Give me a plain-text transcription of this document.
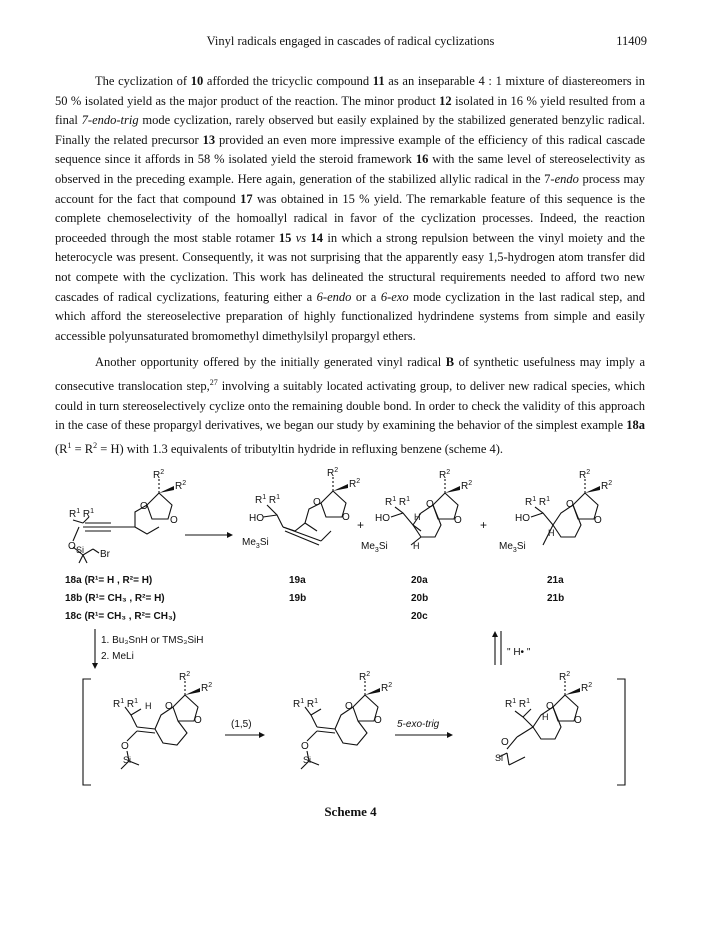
Vinyl radicals engaged in cascades of radical cyclizations	11409

The cyclization of 10 afforded the tricyclic compound 11 as an inseparable 4 : 1 mixture of diastereomers in 50 % isolated yield as the major product of the reaction. The minor product 12 isolated in 16 % yield resulted from a final 7-endo-trig mode cyclization, rarely observed but easily explained by the stabilized generated benzylic radical. Finally the related precursor 13 provided an even more impressive example of the efficiency of this radical cascade sequence since it affords in 58 % isolated yield the steroid framework 16 with the same level of stereoselectivity as observed in the preceding example. Here again, generation of the stabilized allylic radical in the 7-endo process may account for the fact that compound 17 was obtained in 15 % yield. The remarkable feature of this sequence is the complete chemoselectivity of the homoallyl radical in favor of the cyclization processes. Indeed, the reaction proceeded through the most stable rotamer 15 vs 14 in which a strong repulsion between the vinyl moiety and the heterocycle was present. Consequently, it was not surprising that the apparently easy 1,5-hydrogen atom transfer did not compete with the cyclization. This work has delineated the structural requirements needed to afford two new cascades of radical cyclizations, featuring either a 6-endo or a 6-exo mode cyclization in the last radical step, and which afford the stereoselective preparation of highly functionalized hydrindene systems from simple and easily accessible polyunsaturated bromomethyl dimethylsilyl propargyl ethers.

Another opportunity offered by the initially generated vinyl radical B of synthetic usefulness may imply a consecutive translocation step,$^{27}$ involving a suitably located activating group, to deliver new radical species, which could in turn stereoselectively cyclize onto the remaining double bond. In order to check the validity of this approach in the case of these propargyl derivatives, we began our study by examining the behavior of the simplest example 18a $(R^1 = R^2 = H)$ with 1.3 equivalents of tributyltin hydride in refluxing benzene (scheme 4).

$R^2$
$R^2$
O
O
$R^1$ $R^1$
O Si Br
$R^2$
$R^2$
O
O
$R^1$ $R^1$
HO
$Me_3Si$
+
$R^2$
$R^2$
O
O
$R^1$ $R^1$
HO	H
$Me_3Si$	H
+
$R^2$
$R^2$
O
O
$R^1$ $R^1$
HO
H
$Me_3Si$
18a (R¹= H , R²= H)
18b (R¹= CH₃ , R²= H)
18c (R¹= CH₃ , R²= CH₃)
19a
19b
20a
20b
20c
21a
21b
1. Bu₃SnH or TMS₃SiH
2. MeLi	" H• "
$R^2$
$R^2$
$R^1$ $R^1$ H O
O
O
Si
(1,5)
$R^2$
$R^2$
$R^1$ $R^1$	O
O
O
Si
5-exo-trig
$R^2$
$R^2$
$R^1$ $R^1$
H
O
O
O
Si
Scheme 4
